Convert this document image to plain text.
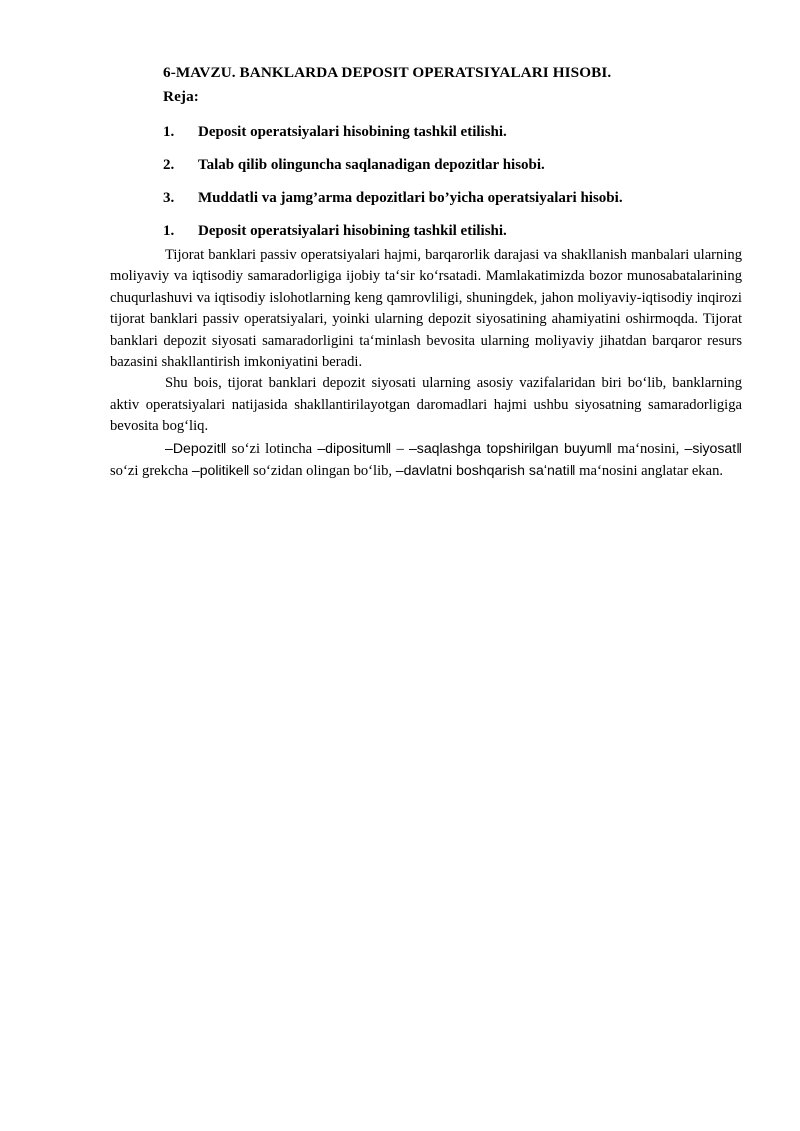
6-MAVZU. BANKLARDA DEPOSIT OPERATSIYALARI HISOBI.
Reja:
1. Deposit operatsiyalari hisobining tashkil etilishi.
2. Talab qilib olinguncha saqlanadigan depozitlar hisobi.
3. Muddatli va jamg’arma depozitlari bo’yicha operatsiyalari hisobi.
1. Deposit operatsiyalari hisobining tashkil etilishi.

Tijorat banklari passiv operatsiyalari hajmi, barqarorlik darajasi va shakllanish manbalari ularning moliyaviy va iqtisodiy samaradorligiga ijobiy taʻsir koʻrsatadi. Mamlakatimizda bozor munosabatalarining chuqurlashuvi va iqtisodiy islohotlarning keng qamrovliligi, shuningdek, jahon moliyaviy-iqtisodiy inqirozi tijorat banklari passiv operatsiyalari, yoinki ularning depozit siyosatining ahamiyatini oshirmoqda. Tijorat banklari depozit siyosati samaradorligini taʻminlash bevosita ularning moliyaviy jihatdan barqaror resurs bazasini shakllantirish imkoniyatini beradi.

Shu bois, tijorat banklari depozit siyosati ularning asosiy vazifalaridan biri boʻlib, banklarning aktiv operatsiyalari natijasida shakllantirilayotgan daromadlari hajmi ushbu siyosatning samaradorligiga bevosita bogʻliq.

–Depozit‖ soʻzi lotincha –dipositum‖ – –saqlashga topshirilgan buyum‖ maʻnosini, –siyosat‖ soʻzi grekcha –politike‖ soʻzidan olingan boʻlib, –davlatni boshqarish saʻnati‖ maʻnosini anglatar ekan.
